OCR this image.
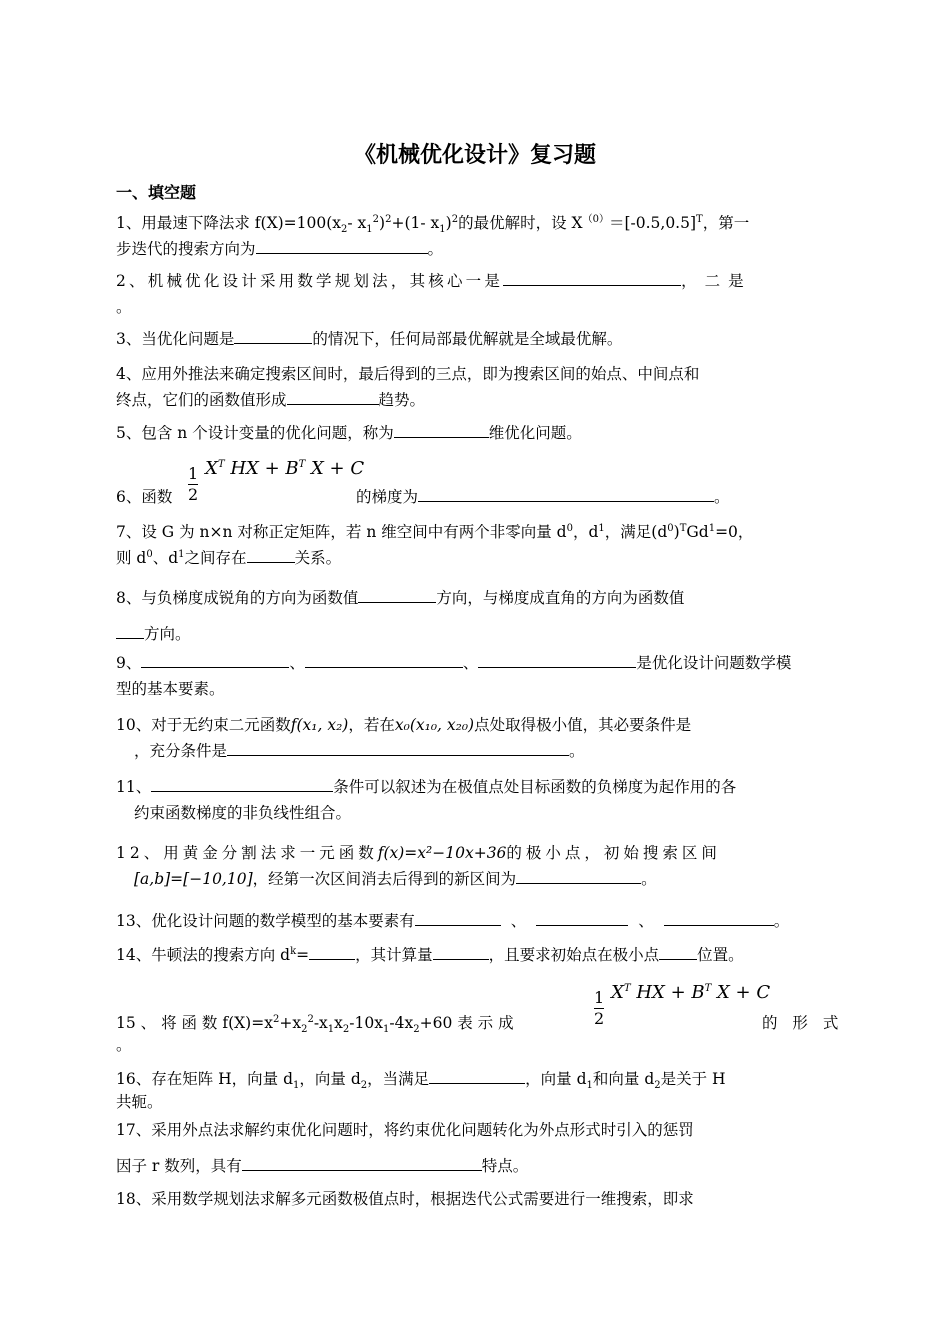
《机械优化设计》复习题
一、填空题
1、用最速下降法求 $f(X)=100(x_2-$ $x_1^2)^2+(1-$ $x_1)^2$的最优解时，设 $X^{(0)}=[-0.5,0.5]^T$，第一
步迭代的搜索方向为	。
2、机械优化设计采用数学规划法，其核心一是	，二是
。
3、当优化问题是	的情况下，任何局部最优解就是全域最优解。
4、应用外推法来确定搜索区间时，最后得到的三点，即为搜索区间的始点、中间点和
终点，它们的函数值形成	趋势。
5、包含 n 个设计变量的优化问题，称为	维优化问题。
6、函数 $\frac{1}{2} X^T$ HX + $B^T$ X + C
的梯度为	。
7、设 G 为 n×n 对称正定矩阵，若 n 维空间中有两个非零向量 $d^0$，$d^1$，满足$(d^0)^TGd^1=0$，
则 $d^0$、$d^1$之间存在	关系。
8、与负梯度成锐角的方向为函数值	方向，与梯度成直角的方向为函数值
方向。
9、	、	、	是优化设计问题数学模
型的基本要素。
10、对于无约束二元函数f(x₁, x₂)，若在x₀(x₁₀, x₂₀)点处取得极小值，其必要条件是
，充分条件是	。
11、	条件可以叙述为在极值点处目标函数的负梯度为起作用的各
约束函数梯度的非负线性组合。
12、用黄金分割法求一元函数f(x)=x²−10x+36的极小点，初始搜索区间
[a,b]=[−10,10]，经第一次区间消去后得到的新区间为	。
13、优化设计问题的数学模型的基本要素有	、	、	。
14、牛顿法的搜索方向 $d^k=$	，其计算量	，且要求初始点在极小点 位置。
15 、 将 函 数 $f(X)=x^2+x_2^2-x_1x_2-10x_1-4x_2+60$ 表 示 成	$\frac{1}{2} X^T$ HX + $B^T$ X + C
的 形 式
。
16、存在矩阵 H，向量 $d_1$，向量 $d_2$，当满足	，向量 $d_1$和向量 $d_2$是关于 H
共轭。
17、采用外点法求解约束优化问题时，将约束优化问题转化为外点形式时引入的惩罚
因子 r 数列，具有	特点。
18、采用数学规划法求解多元函数极值点时，根据迭代公式需要进行一维搜索，即求
